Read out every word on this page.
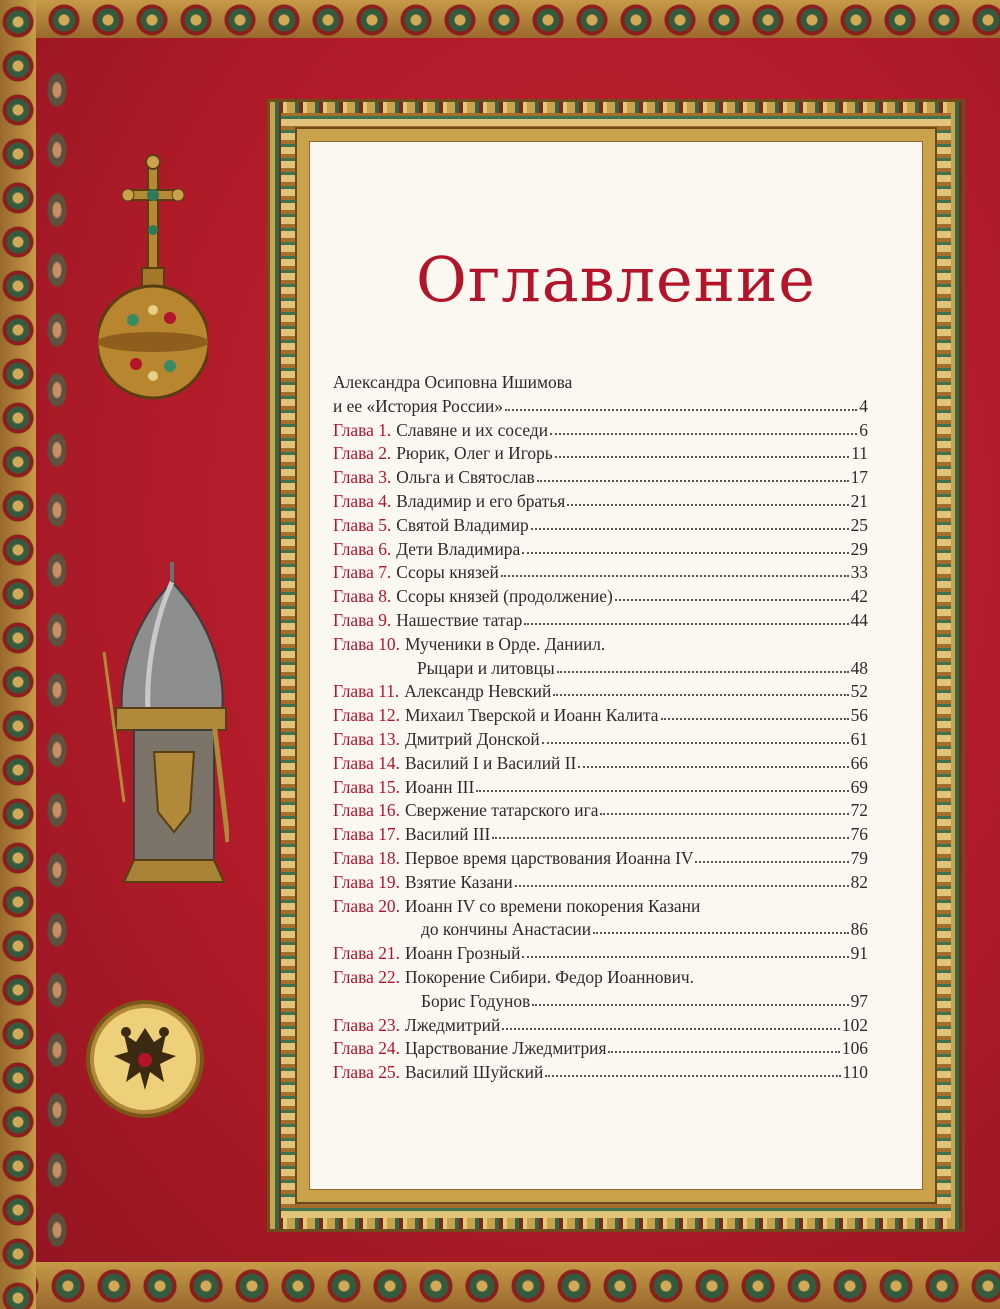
Оглавление
Александра Осиповна Ишимова
и ее «История России»	4
Глава 1. Славяне и их соседи	6
Глава 2. Рюрик, Олег и Игорь	11
Глава 3. Ольга и Святослав	17
Глава 4. Владимир и его братья	21
Глава 5. Святой Владимир	25
Глава 6. Дети Владимира	29
Глава 7. Ссоры князей	33
Глава 8. Ссоры князей (продолжение)	42
Глава 9. Нашествие татар	44
Глава 10. Мученики в Орде. Даниил.
Рыцари и литовцы	48
Глава 11. Александр Невский	52
Глава 12. Михаил Тверской и Иоанн Калита	56
Глава 13. Дмитрий Донской	61
Глава 14. Василий I и Василий II	66
Глава 15. Иоанн III	69
Глава 16. Свержение татарского ига	72
Глава 17. Василий III	76
Глава 18. Первое время царствования Иоанна IV	79
Глава 19. Взятие Казани	82
Глава 20. Иоанн IV со времени покорения Казани
до кончины Анастасии	86
Глава 21. Иоанн Грозный	91
Глава 22. Покорение Сибири. Федор Иоаннович.
Борис Годунов	97
Глава 23. Лжедмитрий	102
Глава 24. Царствование Лжедмитрия	106
Глава 25. Василий Шуйский	110
